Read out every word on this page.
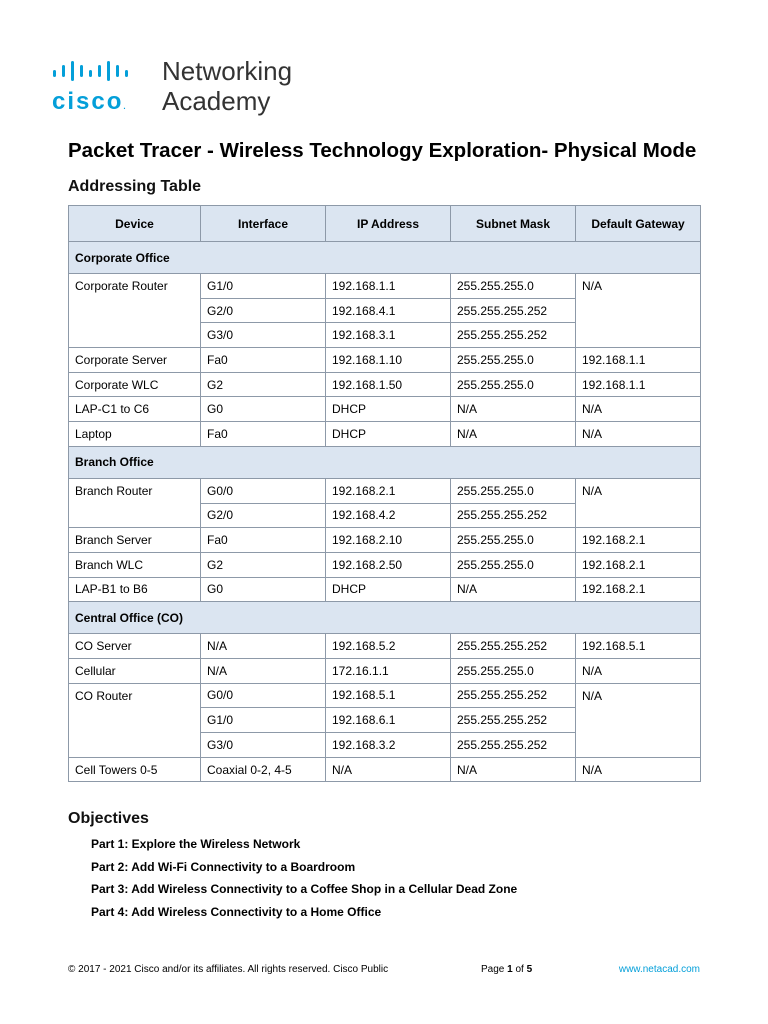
cisco.
Networking
Academy
Packet Tracer - Wireless Technology Exploration- Physical Mode
Addressing Table
Device	Interface	IP Address	Subnet Mask	Default Gateway
Corporate Office				
Corporate Router	G1/0	192.168.1.1	255.255.255.0	N/A
	G2/0	192.168.4.1	255.255.255.252	
	G3/0	192.168.3.1	255.255.255.252	
Corporate Server	Fa0	192.168.1.10	255.255.255.0	192.168.1.1
Corporate WLC	G2	192.168.1.50	255.255.255.0	192.168.1.1
LAP-C1 to C6	G0	DHCP	N/A	N/A
Laptop	Fa0	DHCP	N/A	N/A
Branch Office				
Branch Router	G0/0	192.168.2.1	255.255.255.0	N/A
	G2/0	192.168.4.2	255.255.255.252	
Branch Server	Fa0	192.168.2.10	255.255.255.0	192.168.2.1
Branch WLC	G2	192.168.2.50	255.255.255.0	192.168.2.1
LAP-B1 to B6	G0	DHCP	N/A	192.168.2.1
Central Office (CO)				
CO Server	N/A	192.168.5.2	255.255.255.252	192.168.5.1
Cellular	N/A	172.16.1.1	255.255.255.0	N/A
CO Router	G0/0	192.168.5.1	255.255.255.252	N/A
	G1/0	192.168.6.1	255.255.255.252	
	G3/0	192.168.3.2	255.255.255.252	
Cell Towers 0-5	Coaxial 0-2, 4-5	N/A	N/A	N/A
Objectives
Part 1: Explore the Wireless Network
Part 2: Add Wi-Fi Connectivity to a Boardroom
Part 3: Add Wireless Connectivity to a Coffee Shop in a Cellular Dead Zone
Part 4: Add Wireless Connectivity to a Home Office
© 2017 - 2021 Cisco and/or its affiliates. All rights reserved. Cisco Public	Page 1 of 5	www.netacad.com
